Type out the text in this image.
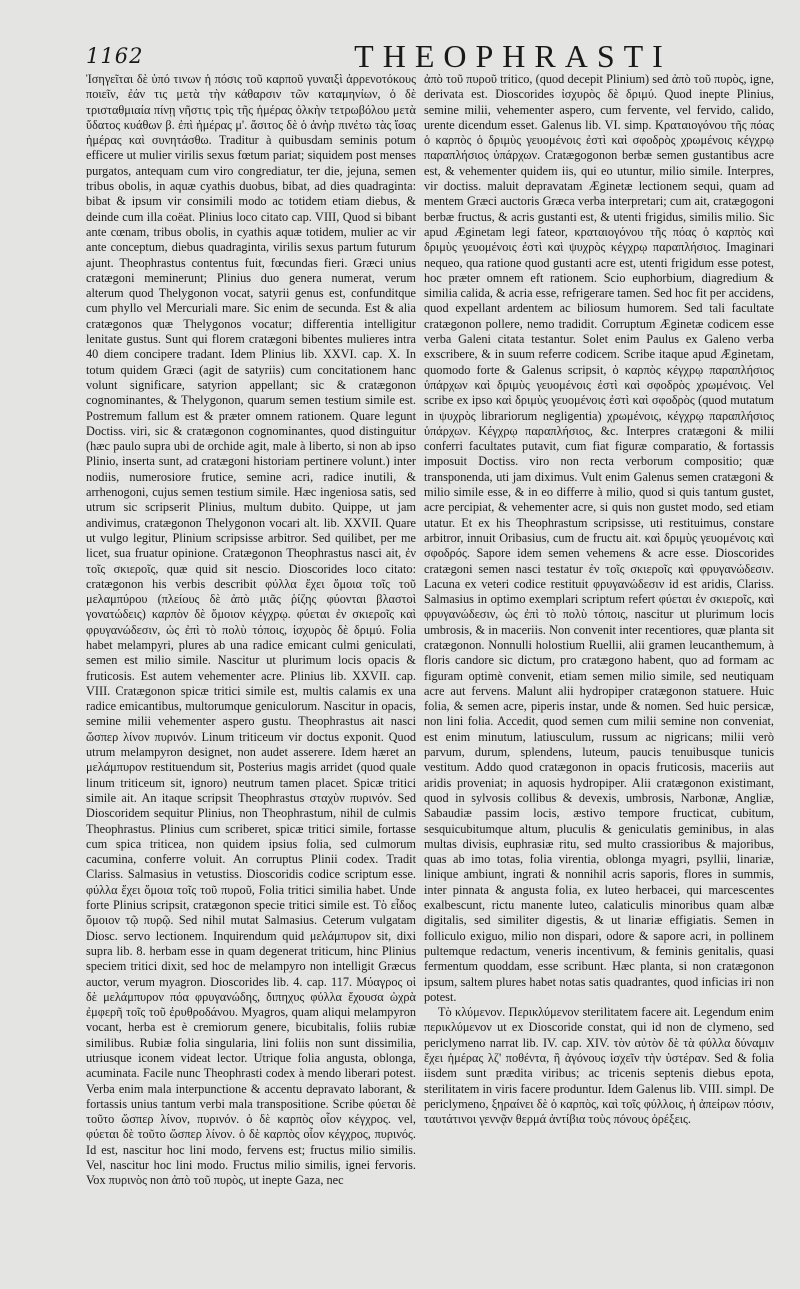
1162	THEOPHRASTI

Ἰσηγεῖται δὲ ὑπό τινων ἡ πόσις τοῦ καρποῦ γυναιξὶ ἀρρενοτόκους ποιεῖν, ἐάν τις μετὰ τὴν κάθαρσιν τῶν καταμηνίων, ὁ δὲ τρισταθμιαία πίνῃ νῆστις τρὶς τῆς ἡμέρας ὀλκὴν τετρωβόλου μετὰ ὕδατος κυάθων β. ἐπὶ ἡμέρας μ'. ἄσιτος δὲ ὁ ἀνὴρ πινέτω τὰς ἴσας ἡμέρας καὶ συνητάσθω. Traditur à quibusdam seminis potum efficere ut mulier virilis sexus fœtum pariat; siquidem post menses purgatos, antequam cum viro congrediatur, ter die, jejuna, semen tribus obolis, in aquæ cyathis duobus, bibat, ad dies quadraginta: bibat & ipsum vir consimili modo ac totidem etiam diebus, & deinde cum illa coëat. Plinius loco citato cap. VIII, Quod si bibant ante cœnam, tribus obolis, in cyathis aquæ totidem, mulier ac vir ante conceptum, diebus quadraginta, virilis sexus partum futurum ajunt. Theophrastus contentus fuit, fœcundas fieri. Græci unius cratægoni meminerunt; Plinius duo genera numerat, verum alterum quod Thelygonon vocat, satyrii genus est, confunditque cum phyllo vel Mercuriali mare. Sic enim de secunda. Est & alia cratægonos quæ Thelygonos vocatur; differentia intelligitur lenitate gustus. Sunt qui florem cratægoni bibentes mulieres intra 40 diem concipere tradant. Idem Plinius lib. XXVI. cap. X. In totum quidem Græci (agit de satyriis) cum concitationem hanc volunt significare, satyrion appellant; sic & cratægonon cognominantes, & Thelygonon, quarum semen testium simile est. Postremum fallum est & præter omnem rationem. Quare legunt Doctiss. viri, sic & cratægonon cognominantes, quod distinguitur (hæc paulo supra ubi de orchide agit, male à liberto, si non ab ipso Plinio, inserta sunt, ad cratægoni historiam pertinere volunt.) inter nodiis, numerosiore frutice, semine acri, radice inutili, & arrhenogoni, cujus semen testium simile. Hæc ingeniosa satis, sed utrum sic scripserit Plinius, multum dubito. Quippe, ut jam andivimus, cratægonon Thelygonon vocari alt. lib. XXVII. Quare ut vulgo legitur, Plinium scripsisse arbitror. Sed quilibet, per me licet, sua fruatur opinione. Cratægonon Theophrastus nasci ait, ἐν τοῖς σκιεροῖς, quæ quid sit nescio. Dioscorides loco citato: cratægonon his verbis describit φύλλα ἔχει ὅμοια τοῖς τοῦ μελαμπύρου (πλείους δὲ ἀπὸ μιᾶς ῥίζης φύονται βλαστοὶ γονατώδεις) καρπὸν δὲ ὅμοιον κέγχρῳ. φύεται ἐν σκιεροῖς καὶ φρυγανώδεσιν, ὡς ἐπὶ τὸ πολὺ τόποις, ἰσχυρὸς δὲ δριμύ. Folia habet melampyri, plures ab una radice emicant culmi geniculati, semen est milio simile. Nascitur ut plurimum locis opacis & fruticosis. Est autem vehementer acre. Plinius lib. XXVII. cap. VIII. Cratægonon spicæ tritici simile est, multis calamis ex una radice emicantibus, multorumque geniculorum. Nascitur in opacis, semine milii vehementer aspero gustu. Theophrastus ait nasci ὥσπερ λίνον πυρινόν. Linum triticeum vir doctus exponit. Quod utrum melampyron designet, non audet asserere. Idem hæret an μελάμπυρον restituendum sit, Posterius magis arridet (quod quale linum triticeum sit, ignoro) neutrum tamen placet. Spicæ tritici simile ait. An itaque scripsit Theophrastus σταχὺν πυρινόν. Sed Dioscoridem sequitur Plinius, non Theophrastum, nihil de culmis Theophrastus. Plinius cum scriberet, spicæ tritici simile, fortasse cum spica triticea, non quidem ipsius folia, sed culmorum cacumina, conferre voluit. An corruptus Plinii codex. Tradit Clariss. Salmasius in vetustiss. Dioscoridis codice scriptum esse. φύλλα ἔχει ὅμοια τοῖς τοῦ πυροῦ, Folia tritici similia habet. Unde forte Plinius scripsit, cratægonon specie tritici simile est. Τὸ εἶδος ὅμοιον τῷ πυρῷ. Sed nihil mutat Salmasius. Ceterum vulgatam Diosc. servo lectionem. Inquirendum quid μελάμπυρον sit, dixi supra lib. 8. herbam esse in quam degenerat triticum, hinc Plinius speciem tritici dixit, sed hoc de melampyro non intelligit Græcus auctor, verum myagron. Dioscorides lib. 4. cap. 117. Μύαγρος οἱ δὲ μελάμπυρον πόα φρυγανώδης, διπηχυς φύλλα ἔχουσα ὠχρὰ ἐμφερῆ τοῖς τοῦ ἐρυθροδάνου. Myagros, quam aliqui melampyron vocant, herba est è cremiorum genere, bicubitalis, foliis rubiæ similibus. Rubiæ folia singularia, lini foliis non sunt dissimilia, utriusque iconem videat lector. Utrique folia angusta, oblonga, acuminata. Facile nunc Theophrasti codex à mendo liberari potest. Verba enim mala interpunctione & accentu depravato laborant, & fortassis unius tantum verbi mala transpositione. Scribe φύεται δὲ τοῦτο ὥσπερ λίνον, πυρινόν. ὁ δὲ καρπὸς οἷον κέγχρος. vel, φύεται δὲ τοῦτο ὥσπερ λίνον. ὁ δὲ καρπὸς οἷον κέγχρος, πυρινός. Id est, nascitur hoc lini modo, fervens est; fructus milio similis. Vel, nascitur hoc lini modo. Fructus milio similis, ignei fervoris. Vox πυρινὸς non ἀπὸ τοῦ πυρὸς, ut inepte Gaza, nec

ἀπὸ τοῦ πυροῦ tritico, (quod decepit Plinium) sed ἀπὸ τοῦ πυρὸς, igne, derivata est. Dioscorides ἰσχυρὸς δὲ δριμύ. Quod inepte Plinius, semine milii, vehementer aspero, cum fervente, vel fervido, calido, urente dicendum esset. Galenus lib. VI. simp. Κραταιογόνου τῆς πόας ὁ καρπὸς ὁ δριμὺς γευομένοις ἐστὶ καὶ σφοδρὸς χρωμένοις κέγχρῳ παραπλήσιος ὑπάρχων. Cratægogonon berbæ semen gustantibus acre est, & vehementer quidem iis, qui eo utuntur, milio simile. Interpres, vir doctiss. maluit depravatam Æginetæ lectionem sequi, quam ad mentem Græci auctoris Græca verba interpretari; cum ait, cratægogoni berbæ fructus, & acris gustanti est, & utenti frigidus, similis milio. Sic apud Æginetam legi fateor, κραταιογόνου τῆς πόας ὁ καρπὸς καὶ δριμὺς γευομένοις ἐστὶ καὶ ψυχρὸς κέγχρῳ παραπλήσιος. Imaginari nequeo, qua ratione quod gustanti acre est, utenti frigidum esse potest, hoc præter omnem eft rationem. Scio euphorbium, diagredium & similia calida, & acria esse, refrigerare tamen. Sed hoc fit per accidens, quod expellant ardentem ac biliosum humorem. Sed tali facultate cratægonon pollere, nemo tradidit. Corruptum Æginetæ codicem esse verba Galeni citata testantur. Solet enim Paulus ex Galeno verba exscribere, & in suum referre codicem. Scribe itaque apud Æginetam, quomodo forte & Galenus scripsit, ὁ καρπὸς κέγχρῳ παραπλήσιος ὑπάρχων καὶ δριμὺς γευομένοις ἐστὶ καὶ σφοδρὸς χρωμένοις. Vel scribe ex ipso καὶ δριμὺς γευομένοις ἐστὶ καὶ σφοδρὸς (quod mutatum in ψυχρὸς librariorum negligentia) χρωμένοις, κέγχρῳ παραπλήσιος ὑπάρχων. Κέγχρῳ παραπλήσιος, &c. Interpres cratægoni & milii conferri facultates putavit, cum fiat figuræ comparatio, & fortassis imposuit Doctiss. viro non recta verborum compositio; quæ transponenda, uti jam diximus. Vult enim Galenus semen cratægoni & milio simile esse, & in eo differre à milio, quod si quis tantum gustet, acre percipiat, & vehementer acre, si quis non gustet modo, sed etiam utatur. Et ex his Theophrastum scripsisse, uti restituimus, constare arbitror, innuit Oribasius, cum de fructu ait. καὶ δριμὺς γευομένοις καὶ σφοδρός. Sapore idem semen vehemens & acre esse. Dioscorides cratægoni semen nasci testatur ἐν τοῖς σκιεροῖς καὶ φρυγανώδεσιν. Lacuna ex veteri codice restituit φρυγανώδεσιν id est aridis, Clariss. Salmasius in optimo exemplari scriptum refert φύεται ἐν σκιεροῖς, καὶ φρυγανώδεσιν, ὡς ἐπὶ τὸ πολὺ τόποις, nascitur ut plurimum locis umbrosis, & in maceriis. Non convenit inter recentiores, quæ planta sit cratægonon. Nonnulli holostium Ruellii, alii gramen leucanthemum, à floris candore sic dictum, pro cratægono habent, quo ad formam ac figuram optimè convenit, etiam semen milio simile, sed neutiquam acre aut fervens. Malunt alii hydropiper cratægonon statuere. Huic folia, & semen acre, piperis instar, unde & nomen. Sed huic persicæ, non lini folia. Accedit, quod semen cum milii semine non conveniat, est enim minutum, latiusculum, russum ac nigricans; milii verò parvum, durum, splendens, luteum, paucis tenuibusque tunicis vestitum. Addo quod cratægonon in opacis fruticosis, maceriis aut aridis proveniat; in aquosis hydropiper. Alii cratægonon existimant, quod in sylvosis collibus & devexis, umbrosis, Narbonæ, Angliæ, Sabaudiæ passim locis, æstivo tempore fructicat, cubitum, sesquicubitumque altum, pluculis & geniculatis geminibus, in alas multas divisis, euphrasiæ ritu, sed multo crassioribus & majoribus, quas ab imo totas, folia virentia, oblonga myagri, psyllii, linariæ, linique ambiunt, ingrati & nonnihil acris saporis, flores in summis, inter pinnata & angusta folia, ex luteo herbacei, qui marcescentes exalbescunt, rictu manente luteo, calaticulis minoribus quam albæ digitalis, sed similiter digestis, & ut linariæ effigiatis. Semen in folliculo exiguo, milio non dispari, odore & sapore acri, in pollinem pultemque redactum, veneris incentivum, & feminis genitalis, quasi fermentum quoddam, esse scribunt. Hæc planta, si non cratægonon ipsum, saltem plures habet notas satis quadrantes, quod inficias iri non potest.

Τὸ κλύμενον. Περικλύμενον sterilitatem facere ait. Legendum enim περικλύμενον ut ex Dioscoride constat, qui id non de clymeno, sed periclymeno narrat lib. IV. cap. XIV. τὸν αὐτὸν δὲ τὰ φύλλα δύναμιν ἔχει ἡμέρας λζ' ποθέντα, ἢ ἀγόνους ἰσχεῖν τὴν ὑστέραν. Sed & folia iisdem sunt prædita viribus; ac tricenis septenis diebus epota, sterilitatem in viris facere produntur. Idem Galenus lib. VIII. simpl. De periclymeno, ξηραίνει δὲ ὁ καρπὸς, καὶ τοῖς φύλλοις, ἡ ἀπείρων πόσιν, ταυτάτινοι γεννᾷν θερμά ἀντίβια τοὺς πόνους ὀρέξεις.
